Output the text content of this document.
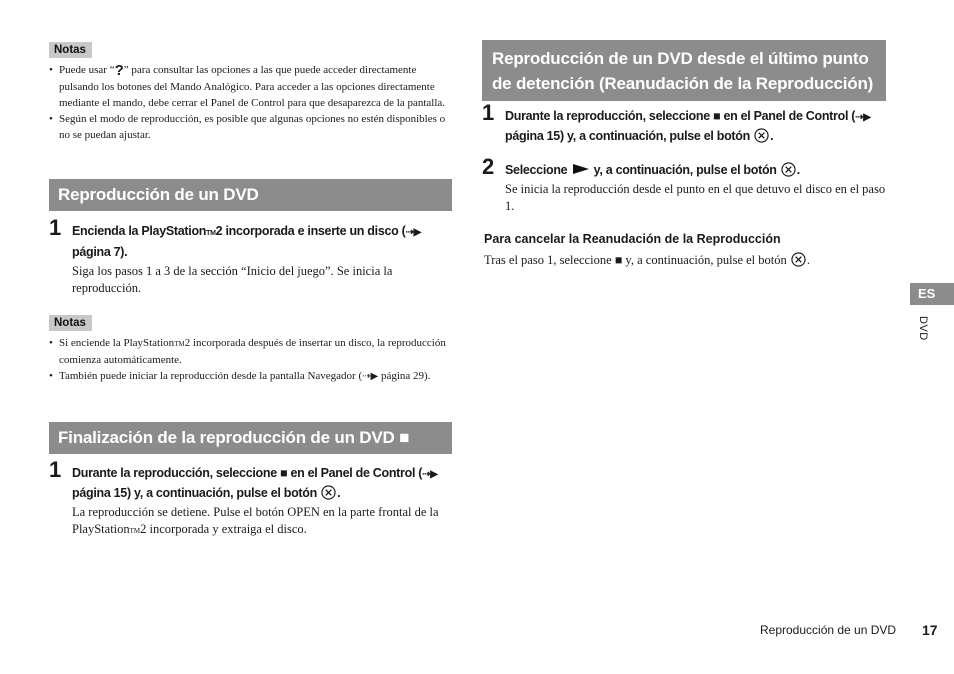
Notas
• Puede usar “?” para consultar las opciones a las que puede acceder directamente pulsando los botones del Mando Analógico. Para acceder a las opciones directamente mediante el mando, debe cerrar el Panel de Control para que desaparezca de la pantalla.
• Según el modo de reproducción, es posible que algunas opciones no estén disponibles o no se puedan ajustar.
Reproducción de un DVD
1 Encienda la PlayStationTM2 incorporada e inserte un disco (⇢▶ página 7).
Siga los pasos 1 a 3 de la sección “Inicio del juego”. Se inicia la reproducción.
Notas
• Si enciende la PlayStationTM2 incorporada después de insertar un disco, la reproducción comienza automáticamente.
• También puede iniciar la reproducción desde la pantalla Navegador (⇢▶ página 29).
Finalización de la reproducción de un DVD ■
1 Durante la reproducción, seleccione ■ en el Panel de Control (⇢▶ página 15) y, a continuación, pulse el botón .
La reproducción se detiene. Pulse el botón OPEN en la parte frontal de la PlayStationTM2 incorporada y extraiga el disco.
Reproducción de un DVD desde el último punto de detención (Reanudación de la Reproducción)
1 Durante la reproducción, seleccione ■ en el Panel de Control (⇢▶ página 15) y, a continuación, pulse el botón .
2 Seleccione  y, a continuación, pulse el botón .
Se inicia la reproducción desde el punto en el que detuvo el disco en el paso 1.
Para cancelar la Reanudación de la Reproducción
Tras el paso 1, seleccione ■ y, a continuación, pulse el botón .
ES
DVD
Reproducción de un DVD 17
